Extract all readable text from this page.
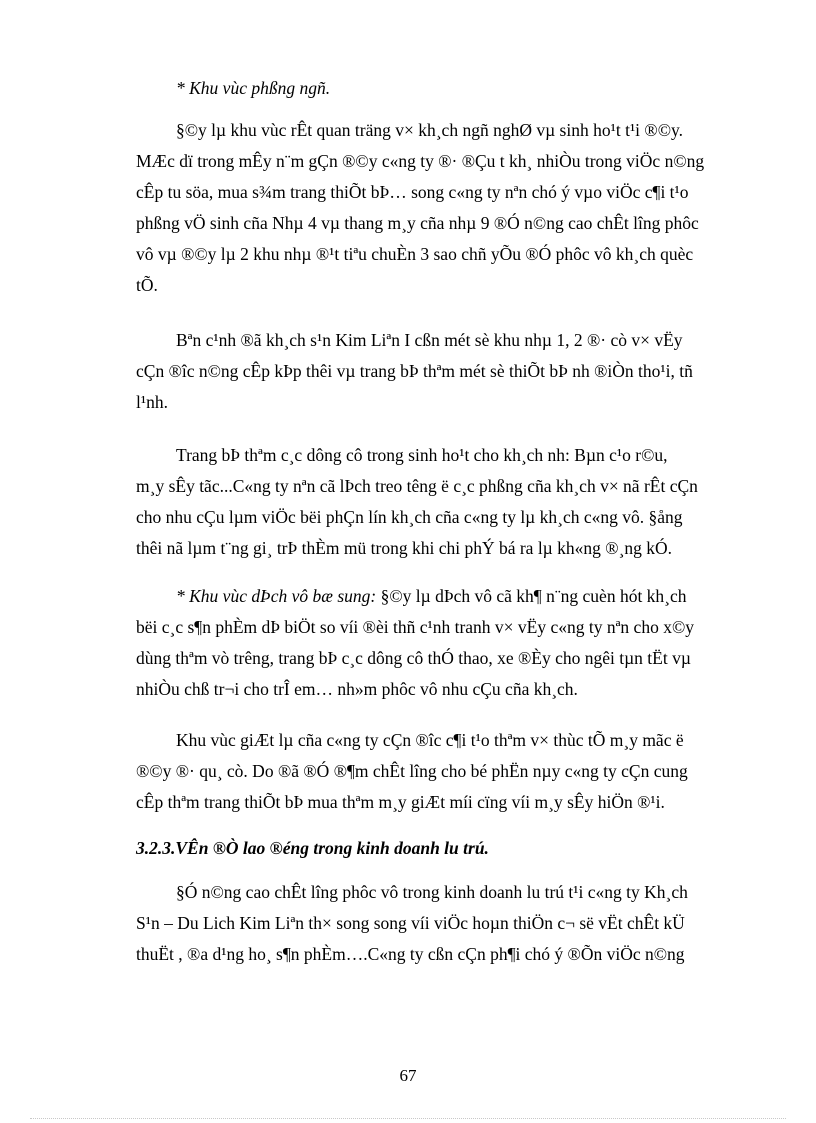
* Khu vùc phßng ngñ.
§©y lµ khu vùc rÊt quan träng v× kh¸ch ngñ nghØ vµ sinh ho¹t t¹i ®©y.
MÆc dï trong mÊy n¨m gÇn ®©y c«ng ty ®· ®Çu t kh¸ nhiÒu trong viÖc n©ng
cÊp tu söa, mua s¾m trang thiÕt bÞ… song c«ng ty nªn chó ý vµo viÖc c¶i t¹o
phßng vÖ sinh cña Nhµ 4 vµ thang m¸y cña nhµ 9 ®Ó n©ng cao chÊt lîng phôc
vô vµ ®©y lµ 2 khu nhµ ®¹t tiªu chuÈn 3 sao chñ yÕu ®Ó phôc vô kh¸ch quèc
tÕ.
Bªn c¹nh ®ã kh¸ch s¹n Kim Liªn I cßn mét sè khu nhµ 1, 2 ®· cò v× vËy
cÇn ®îc n©ng cÊp kÞp thêi vµ trang bÞ thªm mét sè thiÕt bÞ nh ®iÒn tho¹i, tñ
l¹nh.
Trang bÞ thªm c¸c dông cô trong sinh ho¹t cho kh¸ch nh: Bµn c¹o r©u,
m¸y sÊy tãc...C«ng ty nªn cã lÞch treo têng ë c¸c phßng cña kh¸ch v× nã rÊt cÇn
cho nhu cÇu lµm viÖc bëi phÇn lín kh¸ch cña c«ng ty lµ kh¸ch c«ng vô. §ång
thêi nã lµm t¨ng gi¸ trÞ thÈm mü trong khi chi phÝ bá ra lµ kh«ng ®¸ng kÓ.
* Khu vùc dÞch vô bæ sung: §©y lµ dÞch vô cã kh¶ n¨ng cuèn hót kh¸ch
bëi c¸c s¶n phÈm dÞ biÖt so víi ®èi thñ c¹nh tranh v× vËy c«ng ty nªn cho x©y
dùng thªm vò trêng, trang bÞ c¸c dông cô thÓ thao, xe ®Èy cho ngêi tµn tËt vµ
nhiÒu chß tr¬i cho trÎ em… nh»m phôc vô nhu cÇu cña kh¸ch.
Khu vùc giÆt lµ cña c«ng ty cÇn ®îc c¶i t¹o thªm v× thùc tÕ m¸y mãc ë
®©y ®· qu¸ cò. Do ®ã ®Ó ®¶m chÊt lîng cho bé phËn nµy c«ng ty cÇn cung
cÊp thªm trang thiÕt bÞ mua thªm m¸y giÆt míi cïng víi m¸y sÊy hiÖn ®¹i.
3.2.3.VÊn ®Ò lao ®éng trong kinh doanh lu trú.
§Ó n©ng cao chÊt lîng phôc vô trong kinh doanh lu trú t¹i c«ng ty Kh¸ch
S¹n – Du Lich Kim Liªn th× song song víi viÖc hoµn thiÖn c¬ së vËt chÊt kÜ
thuËt , ®a d¹ng ho¸ s¶n phÈm….C«ng ty cßn cÇn ph¶i chó ý ®Õn viÖc n©ng
67
